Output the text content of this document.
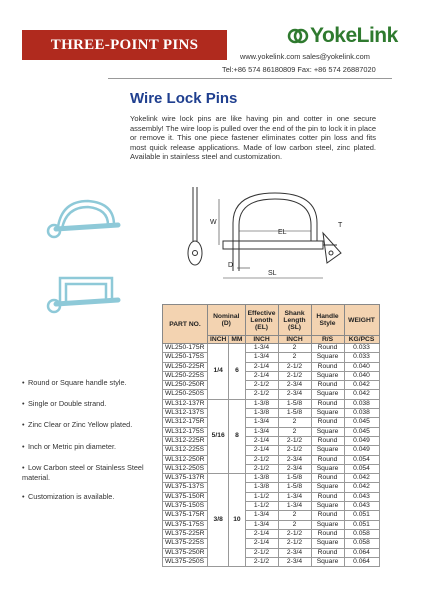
THREE-POINT PINS	YokeLink
www.yokelink.com sales@yokelink.com
Tel:+86 574 86180809 Fax: +86 574 26887020
Wire Lock Pins
Yokelink wire lock pins are like having pin and cotter in one secure assembly! The wire loop is pulled over the end of the pin to lock it in place or remove it. This one piece fastener eliminates cotter pin loss and fits most quick release applications. Made of low carbon steel, zinc plated. Available in stainless steel and customization.
W
EL
T
D
SL
• Round or Square handle style.
• Single or Double strand.
• Zinc Clear or Zinc Yellow plated.
• Inch or Metric pin diameter.
• Low Carbon steel or Stainless Steel material.
• Customization is available.
PART NO.	Nominal
(D)		Effective Lenoth (EL)	Shank Length (SL)	Handle Style	WEIGHT
	INCH	MM	INCH	INCH	R/S	KG/PCS
WL250-175R	1/4	6	1-3/4	2	Round	0.033
WL250-175S			1-3/4	2	Square	0.033
WL250-225R			2-1/4	2-1/2	Round	0.040
WL250-225S			2-1/4	2-1/2	Square	0.040
WL250-250R			2-1/2	2-3/4	Round	0.042
WL250-250S			2-1/2	2-3/4	Square	0.042
WL312-137R	5/16	8	1-3/8	1-5/8	Round	0.038
WL312-137S			1-3/8	1-5/8	Square	0.038
WL312-175R			1-3/4	2	Round	0.045
WL312-175S			1-3/4	2	Square	0.045
WL312-225R			2-1/4	2-1/2	Round	0.049
WL312-225S			2-1/4	2-1/2	Square	0.049
WL312-250R			2-1/2	2-3/4	Round	0.054
WL312-250S			2-1/2	2-3/4	Square	0.054
WL375-137R	3/8	10	1-3/8	1-5/8	Round	0.042
WL375-137S			1-3/8	1-5/8	Square	0.042
WL375-150R			1-1/2	1-3/4	Round	0.043
WL375-150S			1-1/2	1-3/4	Square	0.043
WL375-175R			1-3/4	2	Round	0.051
WL375-175S			1-3/4	2	Square	0.051
WL375-225R			2-1/4	2-1/2	Round	0.058
WL375-225S			2-1/4	2-1/2	Square	0.058
WL375-250R			2-1/2	2-3/4	Round	0.064
WL375-250S			2-1/2	2-3/4	Square	0.064
